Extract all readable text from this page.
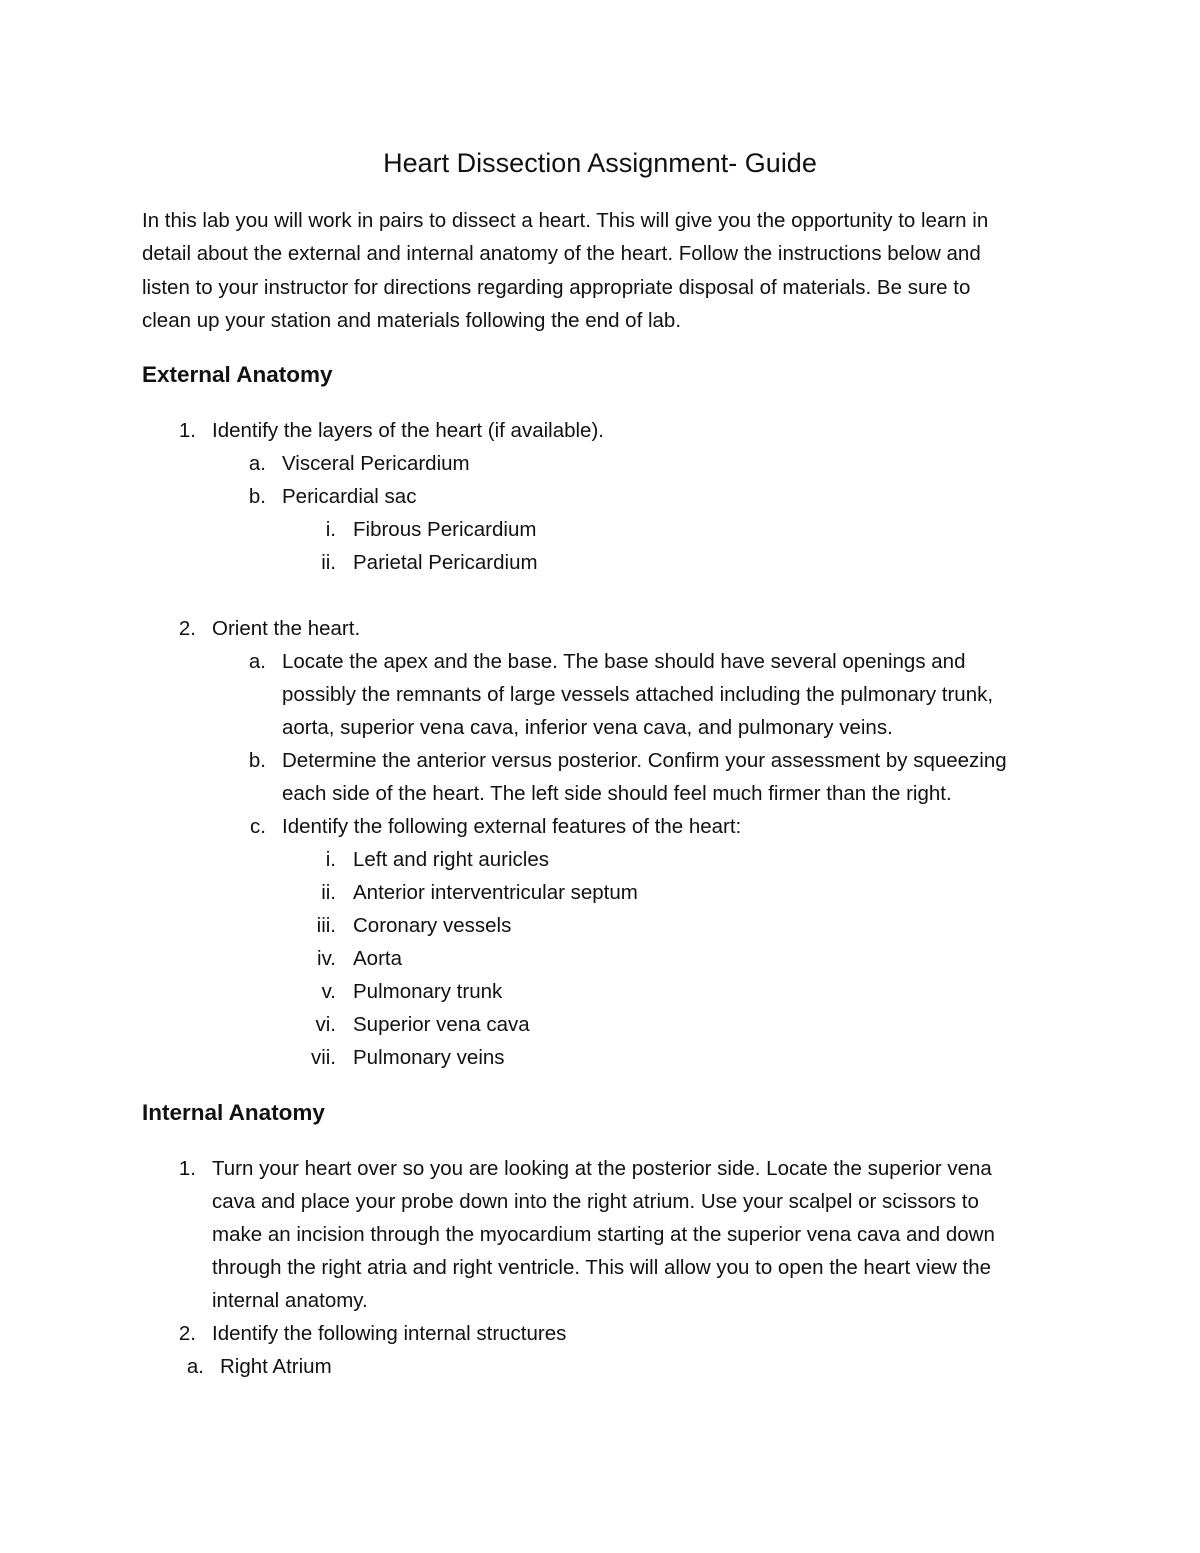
Heart Dissection Assignment- Guide
In this lab you will work in pairs to dissect a heart. This will give you the opportunity to learn in
detail about the external and internal anatomy of the heart. Follow the instructions below and
listen to your instructor for directions regarding appropriate disposal of materials. Be sure to
clean up your station and materials following the end of lab.
External Anatomy
1. Identify the layers of the heart (if available).
a. Visceral Pericardium
b. Pericardial sac
i. Fibrous Pericardium
ii. Parietal Pericardium
2. Orient the heart.
a. Locate the apex and the base. The base should have several openings and
possibly the remnants of large vessels attached including the pulmonary trunk,
aorta, superior vena cava, inferior vena cava, and pulmonary veins.
b. Determine the anterior versus posterior. Confirm your assessment by squeezing
each side of the heart. The left side should feel much firmer than the right.
c. Identify the following external features of the heart:
i. Left and right auricles
ii. Anterior interventricular septum
iii. Coronary vessels
iv. Aorta
v. Pulmonary trunk
vi. Superior vena cava
vii. Pulmonary veins
Internal Anatomy
1. Turn your heart over so you are looking at the posterior side. Locate the superior vena
cava and place your probe down into the right atrium. Use your scalpel or scissors to
make an incision through the myocardium starting at the superior vena cava and down
through the right atria and right ventricle. This will allow you to open the heart view the
internal anatomy.
2. Identify the following internal structures
a. Right Atrium
